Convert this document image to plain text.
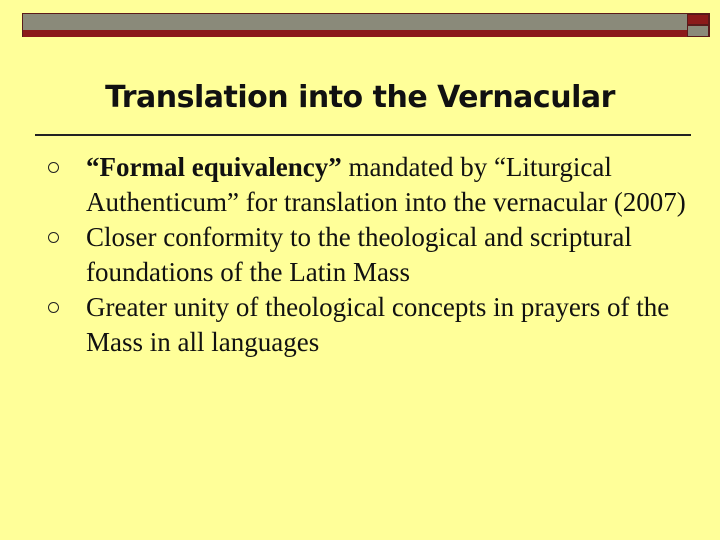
Translation into the Vernacular
“Formal equivalency” mandated by “Liturgical Authenticum” for translation into the vernacular (2007)
Closer conformity to the theological and scriptural foundations of the Latin Mass
Greater unity of theological concepts in prayers of the Mass in all languages
